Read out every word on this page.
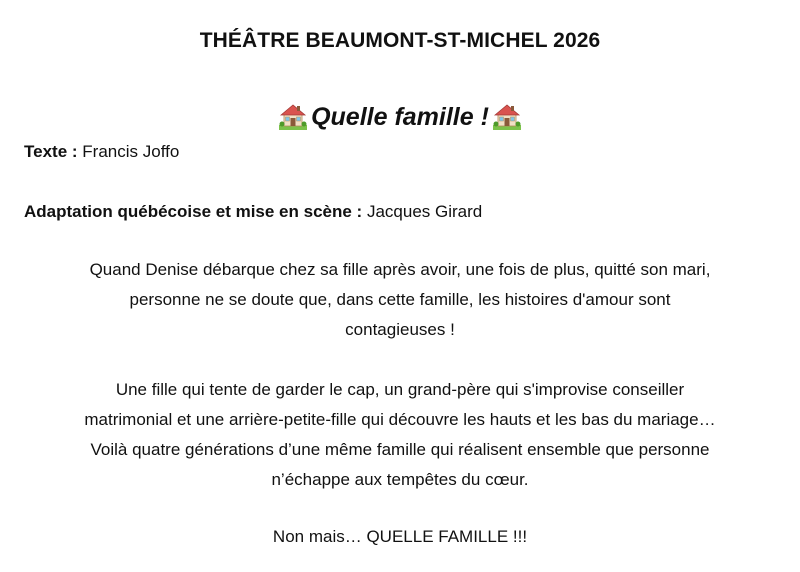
THÉÂTRE BEAUMONT-ST-MICHEL 2026
Quelle famille !
Texte : Francis Joffo
Adaptation québécoise et mise en scène : Jacques Girard
Quand Denise débarque chez sa fille après avoir, une fois de plus, quitté son mari,
personne ne se doute que, dans cette famille, les histoires d'amour sont
contagieuses !
Une fille qui tente de garder le cap, un grand-père qui s'improvise conseiller
matrimonial et une arrière-petite-fille qui découvre les hauts et les bas du mariage…
Voilà quatre générations d’une même famille qui réalisent ensemble que personne
n’échappe aux tempêtes du cœur.
Non mais… QUELLE FAMILLE !!!
